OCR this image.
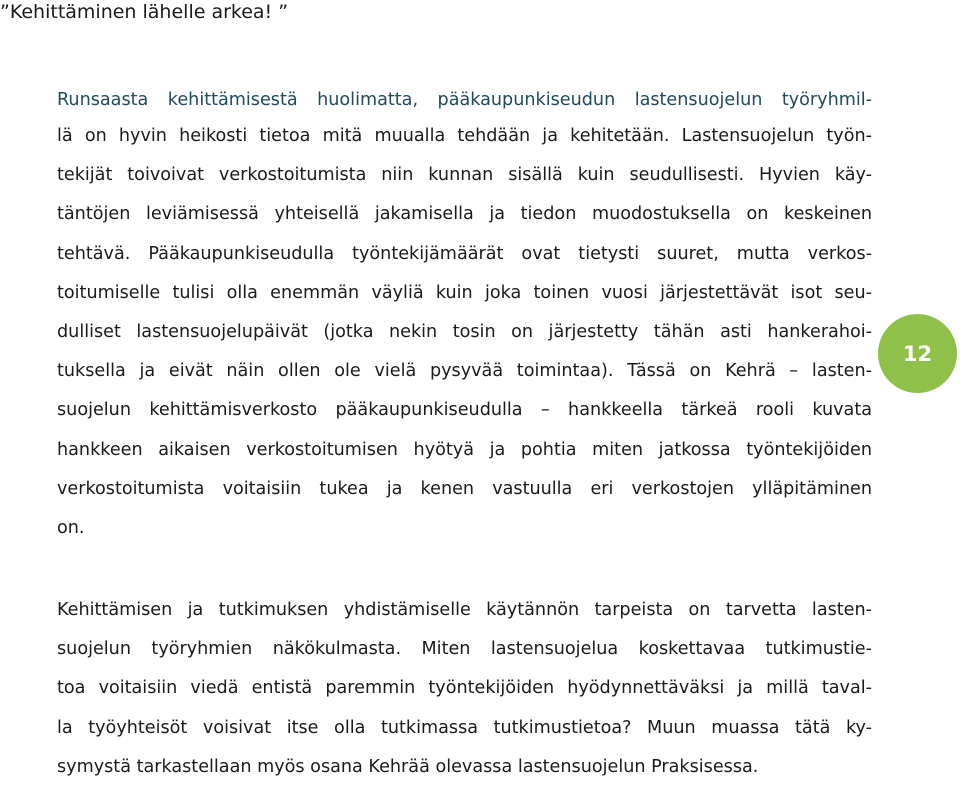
”Kehittäminen lähelle arkea! ”
Runsaasta kehittämisestä huolimatta, pääkaupunkiseudun lastensuojelun työryhmil-
lä on hyvin heikosti tietoa mitä muualla tehdään ja kehitetään. Lastensuojelun työn-
tekijät toivoivat verkostoitumista niin kunnan sisällä kuin seudullisesti. Hyvien käy-
täntöjen leviämisessä yhteisellä jakamisella ja tiedon muodostuksella on keskeinen
tehtävä. Pääkaupunkiseudulla työntekijämäärät ovat tietysti suuret, mutta verkos-
toitumiselle tulisi olla enemmän väyliä kuin joka toinen vuosi järjestettävät isot seu-
dulliset lastensuojelupäivät (jotka nekin tosin on järjestetty tähän asti hankerahoi-
tuksella ja eivät näin ollen ole vielä pysyvää toimintaa). Tässä on Kehrä – lasten-
suojelun kehittämisverkosto pääkaupunkiseudulla – hankkeella tärkeä rooli kuvata
hankkeen aikaisen verkostoitumisen hyötyä ja pohtia miten jatkossa työntekijöiden
verkostoitumista voitaisiin tukea ja kenen vastuulla eri verkostojen ylläpitäminen
on.
Kehittämisen ja tutkimuksen yhdistämiselle käytännön tarpeista on tarvetta lasten-
suojelun työryhmien näkökulmasta. Miten lastensuojelua koskettavaa tutkimustie-
toa voitaisiin viedä entistä paremmin työntekijöiden hyödynnettäväksi ja millä taval-
la työyhteisöt voisivat itse olla tutkimassa tutkimustietoa? Muun muassa tätä ky-
symystä tarkastellaan myös osana Kehrää olevassa lastensuojelun Praksisessa.
12
